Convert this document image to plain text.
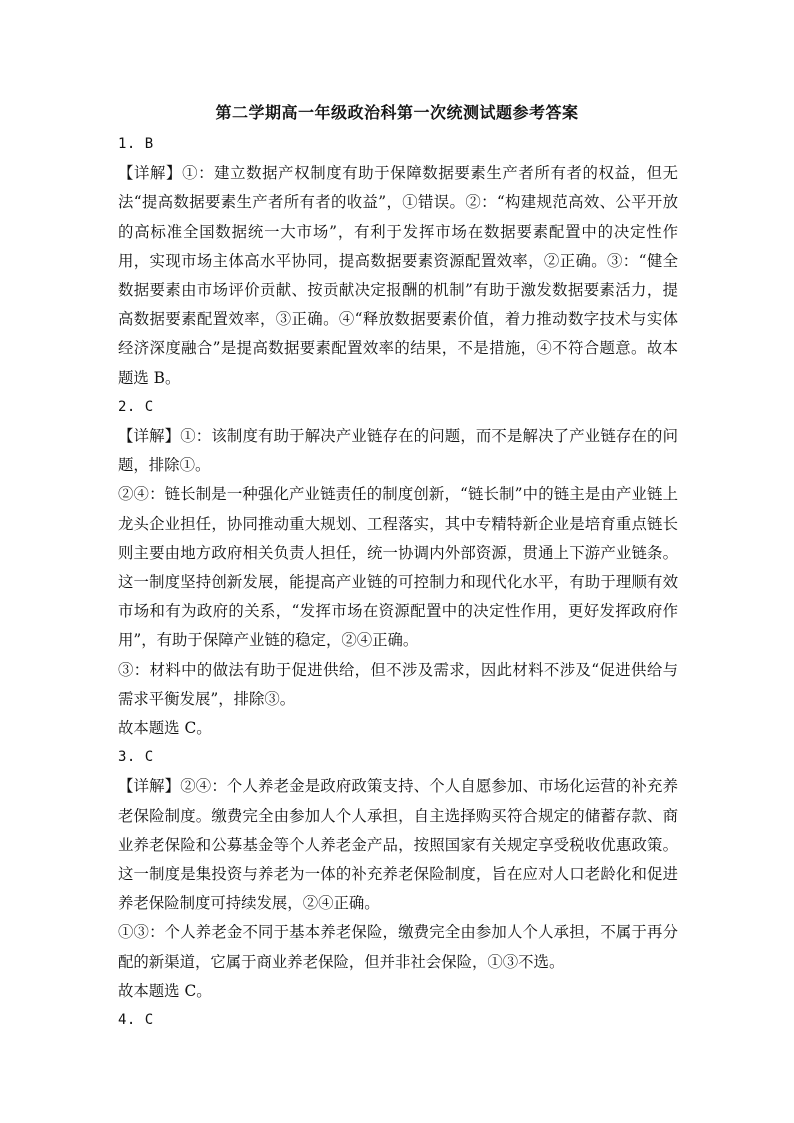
第二学期高一年级政治科第一次统测试题参考答案

1. B

【详解】①：建立数据产权制度有助于保障数据要素生产者所有者的权益，但无法“提高数据要素生产者所有者的收益”，①错误。②：“构建规范高效、公平开放的高标准全国数据统一大市场”，有利于发挥市场在数据要素配置中的决定性作用，实现市场主体高水平协同，提高数据要素资源配置效率，②正确。③：“健全数据要素由市场评价贡献、按贡献决定报酬的机制”有助于激发数据要素活力，提高数据要素配置效率，③正确。④“释放数据要素价值，着力推动数字技术与实体经济深度融合”是提高数据要素配置效率的结果，不是措施，④不符合题意。故本题选 B。

2. C

【详解】①：该制度有助于解决产业链存在的问题，而不是解决了产业链存在的问题，排除①。

②④：链长制是一种强化产业链责任的制度创新，“链长制”中的链主是由产业链上龙头企业担任，协同推动重大规划、工程落实，其中专精特新企业是培育重点链长则主要由地方政府相关负责人担任，统一协调内外部资源，贯通上下游产业链条。这一制度坚持创新发展，能提高产业链的可控制力和现代化水平，有助于理顺有效市场和有为政府的关系，“发挥市场在资源配置中的决定性作用，更好发挥政府作用”，有助于保障产业链的稳定，②④正确。

③：材料中的做法有助于促进供给，但不涉及需求，因此材料不涉及“促进供给与需求平衡发展”，排除③。

故本题选 C。

3. C

【详解】②④：个人养老金是政府政策支持、个人自愿参加、市场化运营的补充养老保险制度。缴费完全由参加人个人承担，自主选择购买符合规定的储蓄存款、商业养老保险和公募基金等个人养老金产品，按照国家有关规定享受税收优惠政策。这一制度是集投资与养老为一体的补充养老保险制度，旨在应对人口老龄化和促进养老保险制度可持续发展，②④正确。

①③：个人养老金不同于基本养老保险，缴费完全由参加人个人承担，不属于再分配的新渠道，它属于商业养老保险，但并非社会保险，①③不选。

故本题选 C。

4. C
